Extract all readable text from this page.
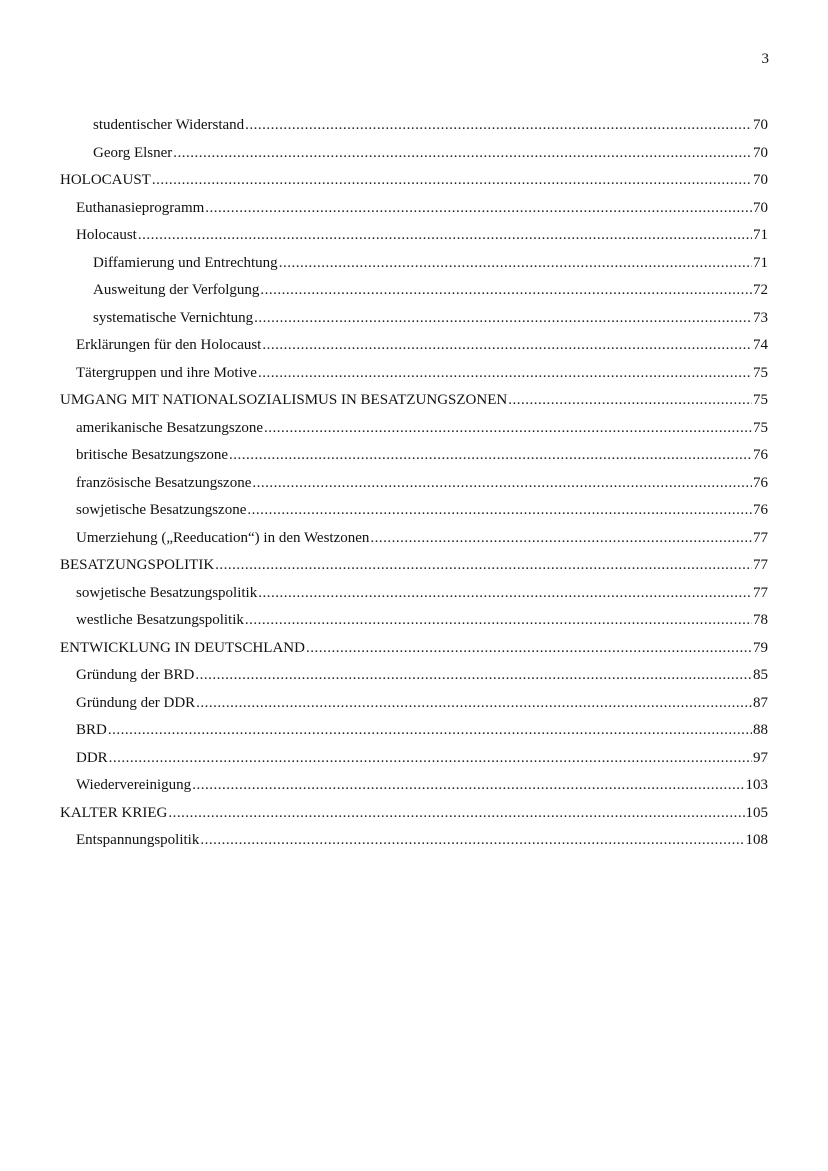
3
studentischer Widerstand .....	70
Georg Elsner .....	70
HOLOCAUST .....	70
Euthanasieprogramm .....	70
Holocaust .....	71
Diffamierung und Entrechtung .....	71
Ausweitung der Verfolgung .....	72
systematische Vernichtung .....	73
Erklärungen für den Holocaust .....	74
Tätergruppen und ihre Motive .....	75
UMGANG MIT NATIONALSOZIALISMUS IN BESATZUNGSZONEN .....	75
amerikanische Besatzungszone .....	75
britische Besatzungszone .....	76
französische Besatzungszone .....	76
sowjetische Besatzungszone .....	76
Umerziehung („Reeducation“) in den Westzonen .....	77
BESATZUNGSPOLITIK .....	77
sowjetische Besatzungspolitik .....	77
westliche Besatzungspolitik .....	78
ENTWICKLUNG IN DEUTSCHLAND .....	79
Gründung der BRD .....	85
Gründung der DDR .....	87
BRD .....	88
DDR .....	97
Wiedervereinigung .....	103
KALTER KRIEG .....	105
Entspannungspolitik .....	108
